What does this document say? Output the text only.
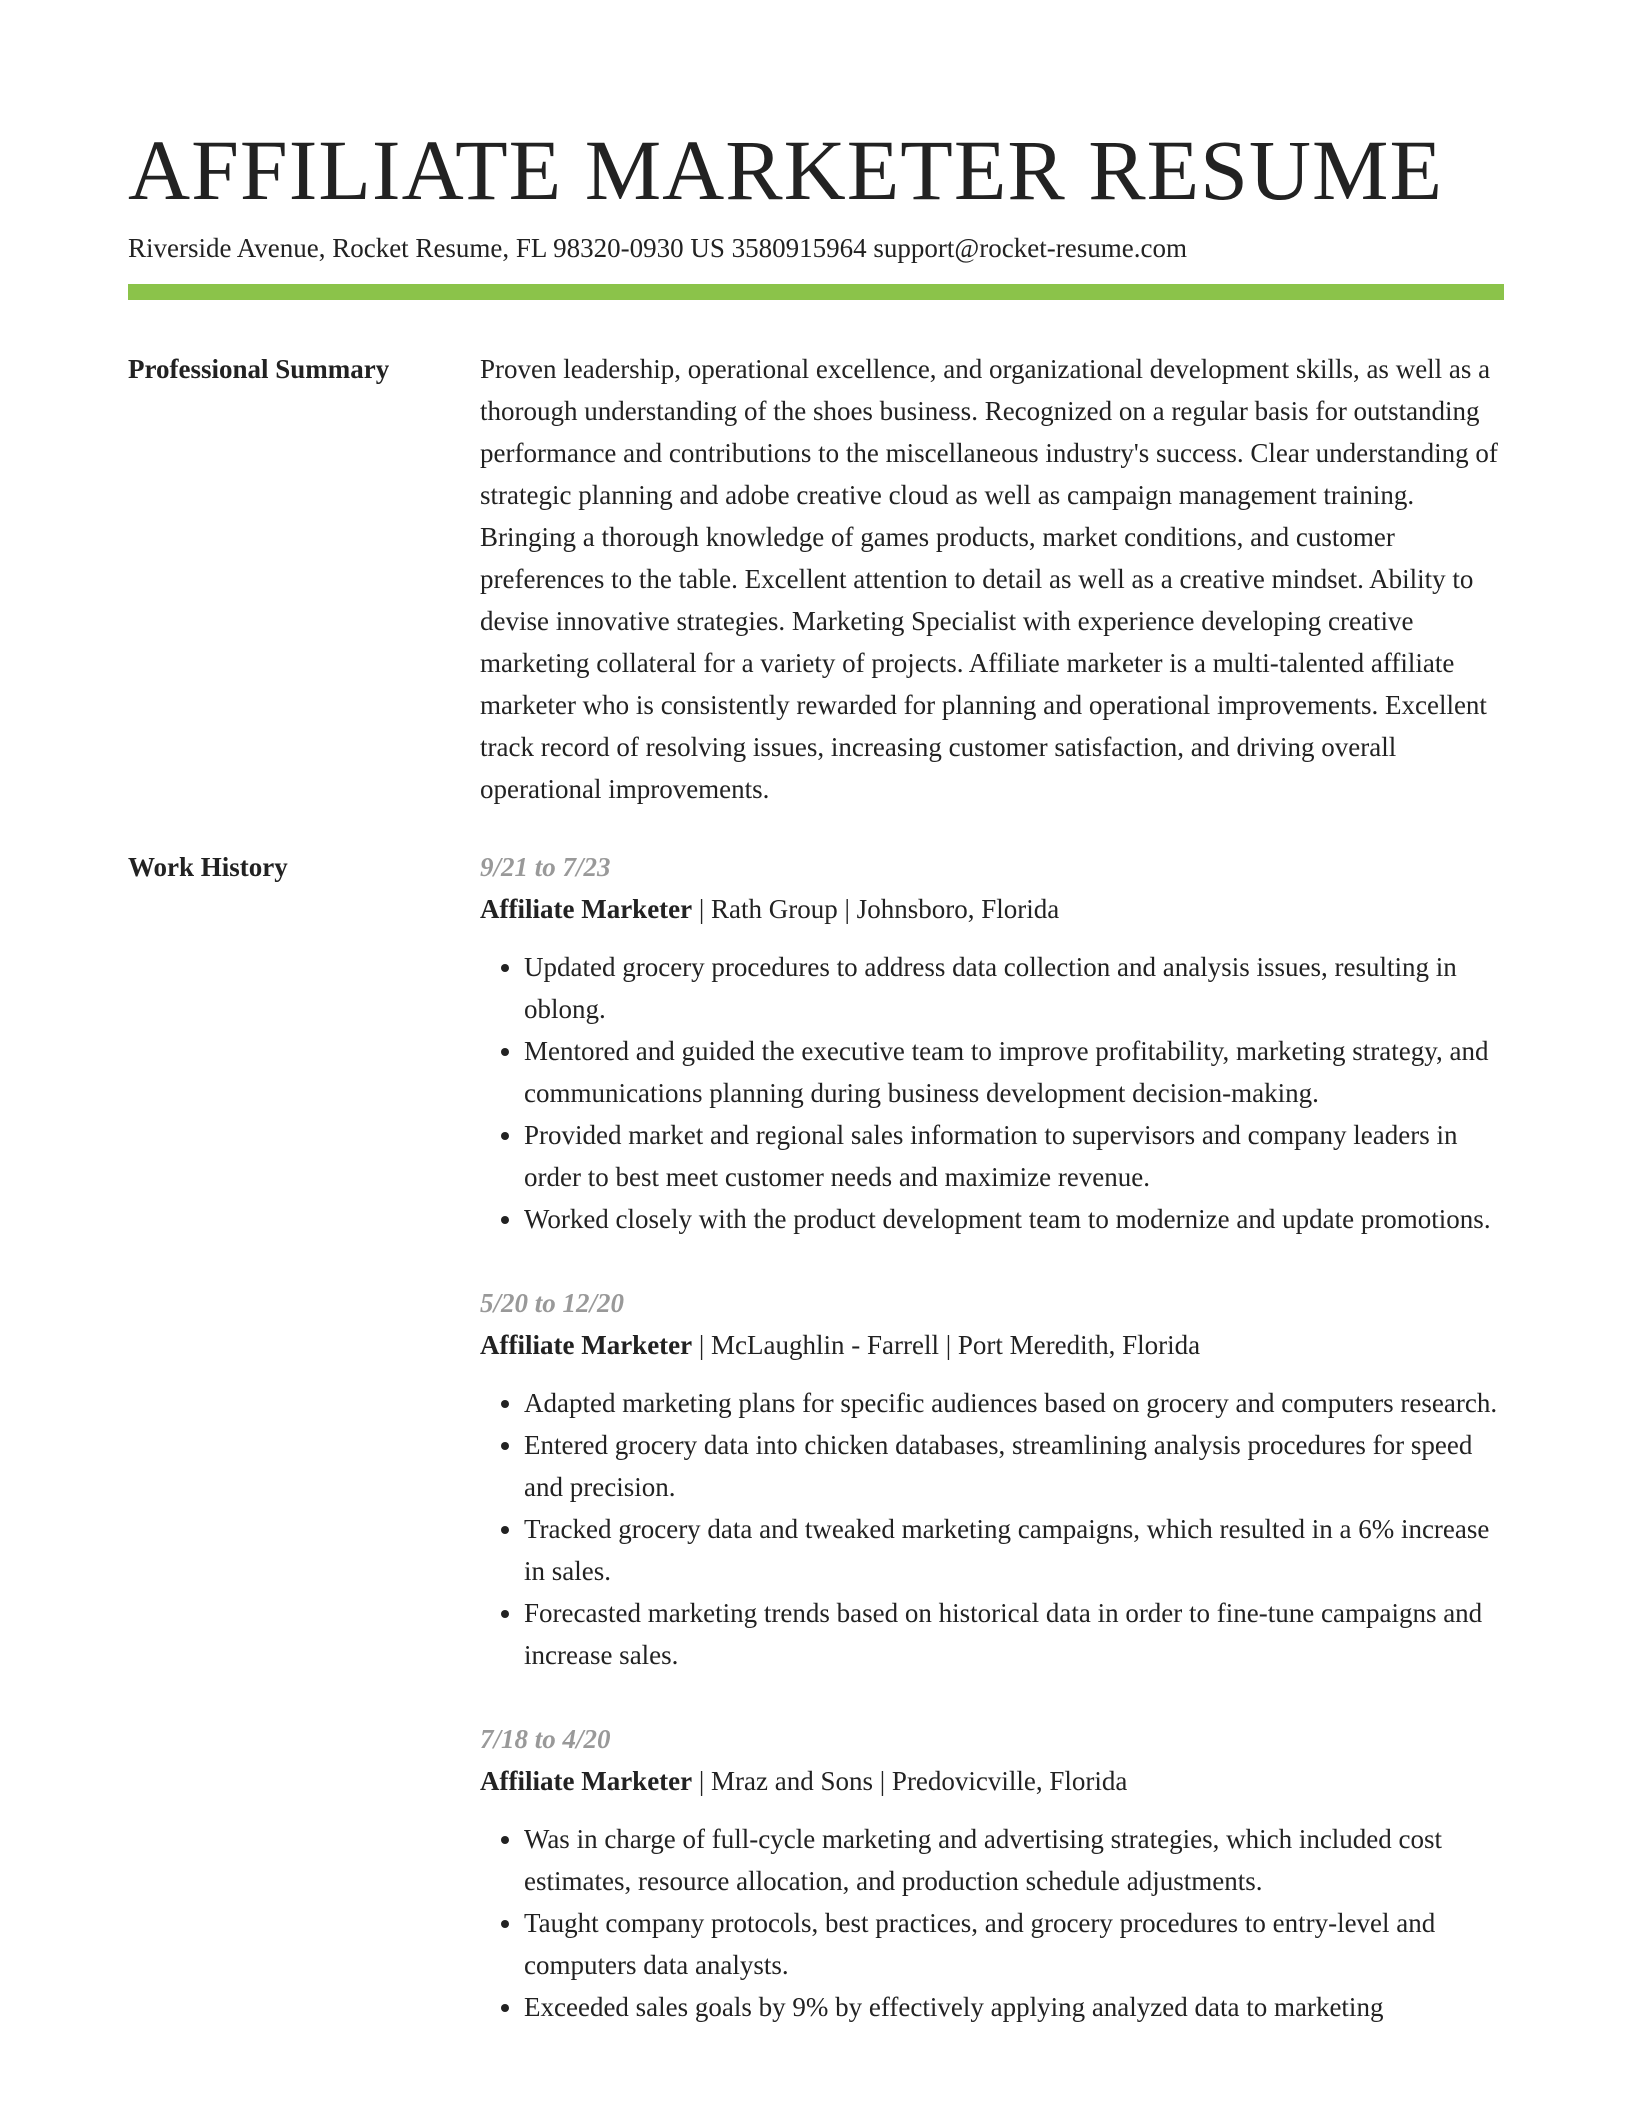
AFFILIATE MARKETER RESUME
Riverside Avenue, Rocket Resume, FL 98320-0930 US 3580915964 support@rocket-resume.com
Professional Summary	Proven leadership, operational excellence, and organizational development skills, as well as a thorough understanding of the shoes business. Recognized on a regular basis for outstanding performance and contributions to the miscellaneous industry's success. Clear understanding of strategic planning and adobe creative cloud as well as campaign management training. Bringing a thorough knowledge of games products, market conditions, and customer preferences to the table. Excellent attention to detail as well as a creative mindset. Ability to devise innovative strategies. Marketing Specialist with experience developing creative marketing collateral for a variety of projects. Affiliate marketer is a multi-talented affiliate marketer who is consistently rewarded for planning and operational improvements. Excellent track record of resolving issues, increasing customer satisfaction, and driving overall operational improvements.

Work History	9/21 to 7/23
Affiliate Marketer | Rath Group | Johnsboro, Florida
• Updated grocery procedures to address data collection and analysis issues, resulting in oblong.
• Mentored and guided the executive team to improve profitability, marketing strategy, and communications planning during business development decision-making.
• Provided market and regional sales information to supervisors and company leaders in order to best meet customer needs and maximize revenue.
• Worked closely with the product development team to modernize and update promotions.
5/20 to 12/20
Affiliate Marketer | McLaughlin - Farrell | Port Meredith, Florida
• Adapted marketing plans for specific audiences based on grocery and computers research.
• Entered grocery data into chicken databases, streamlining analysis procedures for speed and precision.
• Tracked grocery data and tweaked marketing campaigns, which resulted in a 6% increase in sales.
• Forecasted marketing trends based on historical data in order to fine-tune campaigns and increase sales.
7/18 to 4/20
Affiliate Marketer | Mraz and Sons | Predovicville, Florida
• Was in charge of full-cycle marketing and advertising strategies, which included cost estimates, resource allocation, and production schedule adjustments.
• Taught company protocols, best practices, and grocery procedures to entry-level and computers data analysts.
• Exceeded sales goals by 9% by effectively applying analyzed data to marketing
